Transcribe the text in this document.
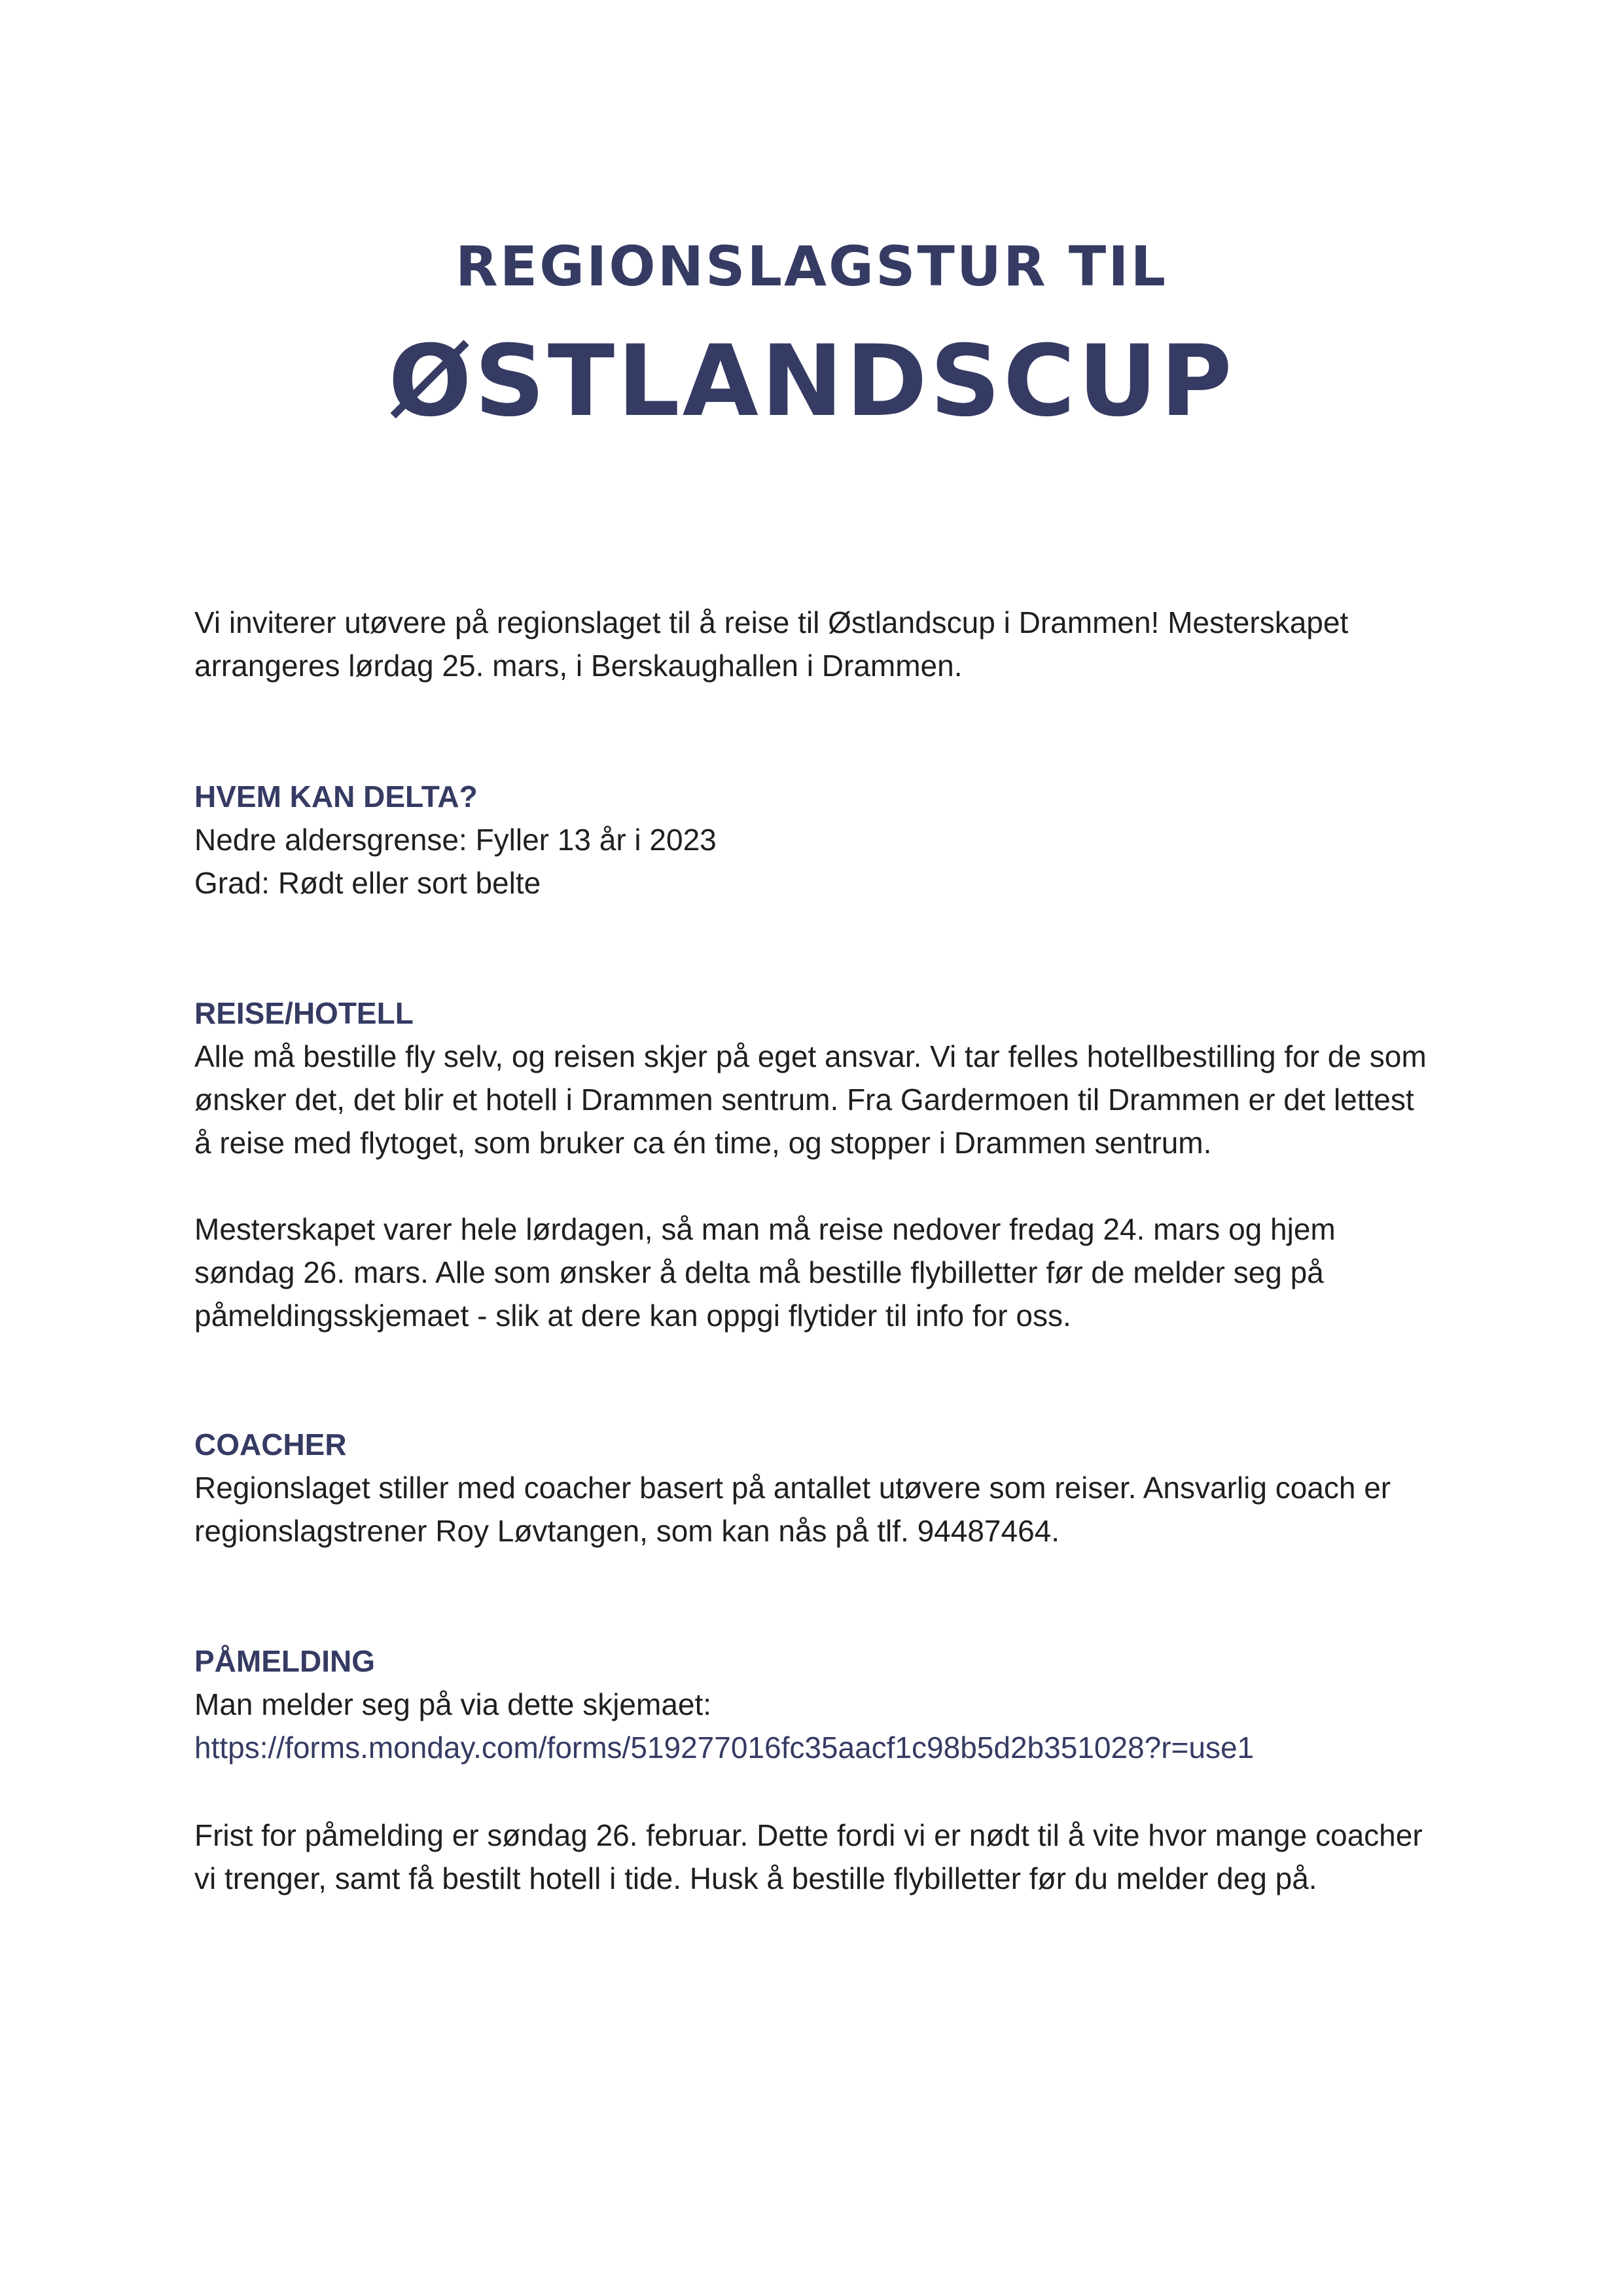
REGIONSLAGSTUR TIL
ØSTLANDSCUP

Vi inviterer utøvere på regionslaget til å reise til Østlandscup i Drammen! Mesterskapet

arrangeres lørdag 25. mars, i Berskaughallen i Drammen.

HVEM KAN DELTA?

Nedre aldersgrense: Fyller 13 år i 2023

Grad: Rødt eller sort belte

REISE/HOTELL

Alle må bestille fly selv, og reisen skjer på eget ansvar. Vi tar felles hotellbestilling for de som

ønsker det, det blir et hotell i Drammen sentrum. Fra Gardermoen til Drammen er det lettest

å reise med flytoget, som bruker ca én time, og stopper i Drammen sentrum.

Mesterskapet varer hele lørdagen, så man må reise nedover fredag 24. mars og hjem

søndag 26. mars. Alle som ønsker å delta må bestille flybilletter før de melder seg på

påmeldingsskjemaet - slik at dere kan oppgi flytider til info for oss.

COACHER

Regionslaget stiller med coacher basert på antallet utøvere som reiser. Ansvarlig coach er

regionslagstrener Roy Løvtangen, som kan nås på tlf. 94487464.

PÅMELDING

Man melder seg på via dette skjemaet:

https://forms.monday.com/forms/519277016fc35aacf1c98b5d2b351028?r=use1

Frist for påmelding er søndag 26. februar. Dette fordi vi er nødt til å vite hvor mange coacher

vi trenger, samt få bestilt hotell i tide. Husk å bestille flybilletter før du melder deg på.
